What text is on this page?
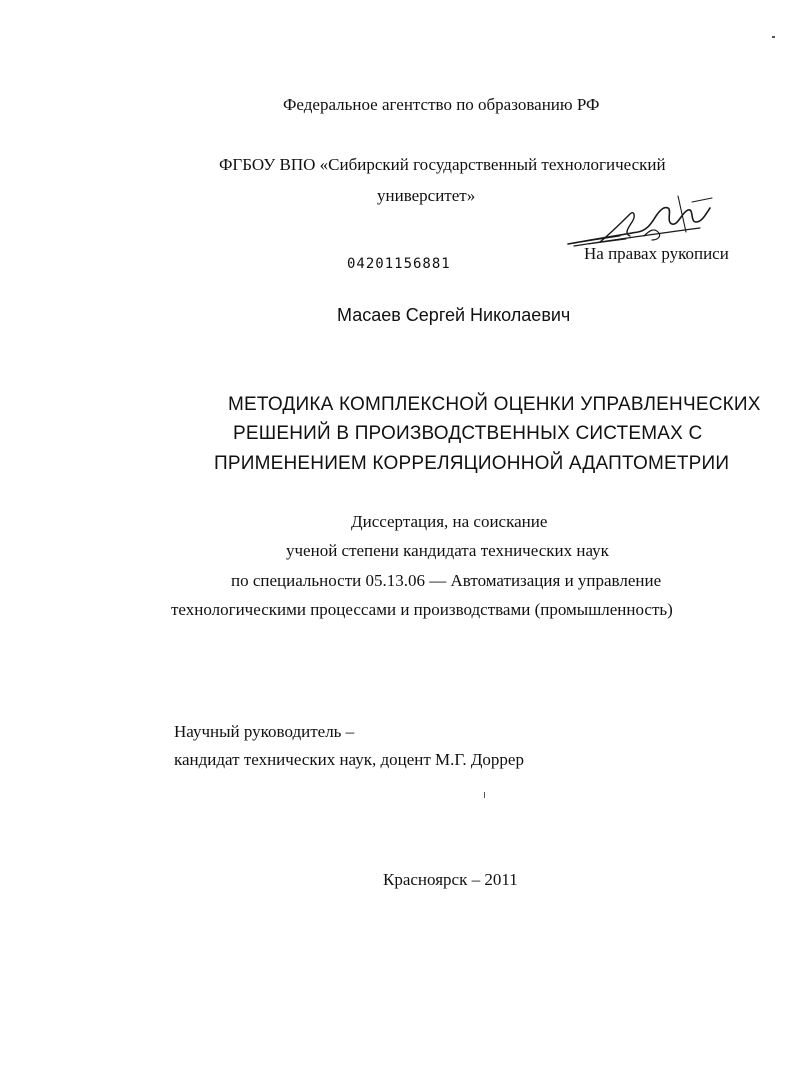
Федеральное агентство по образованию РФ
ФГБОУ ВПО «Сибирский государственный технологический
университет»
На правах рукописи
04201156881
Масаев Сергей Николаевич
МЕТОДИКА КОМПЛЕКСНОЙ ОЦЕНКИ УПРАВЛЕНЧЕСКИХ
РЕШЕНИЙ В ПРОИЗВОДСТВЕННЫХ СИСТЕМАХ С
ПРИМЕНЕНИЕМ КОРРЕЛЯЦИОННОЙ АДАПТОМЕТРИИ
Диссертация, на соискание
ученой степени кандидата технических наук
по специальности 05.13.06 — Автоматизация и управление
технологическими процессами и производствами (промышленность)
Научный руководитель –
кандидат технических наук, доцент М.Г. Доррер
Красноярск – 2011
